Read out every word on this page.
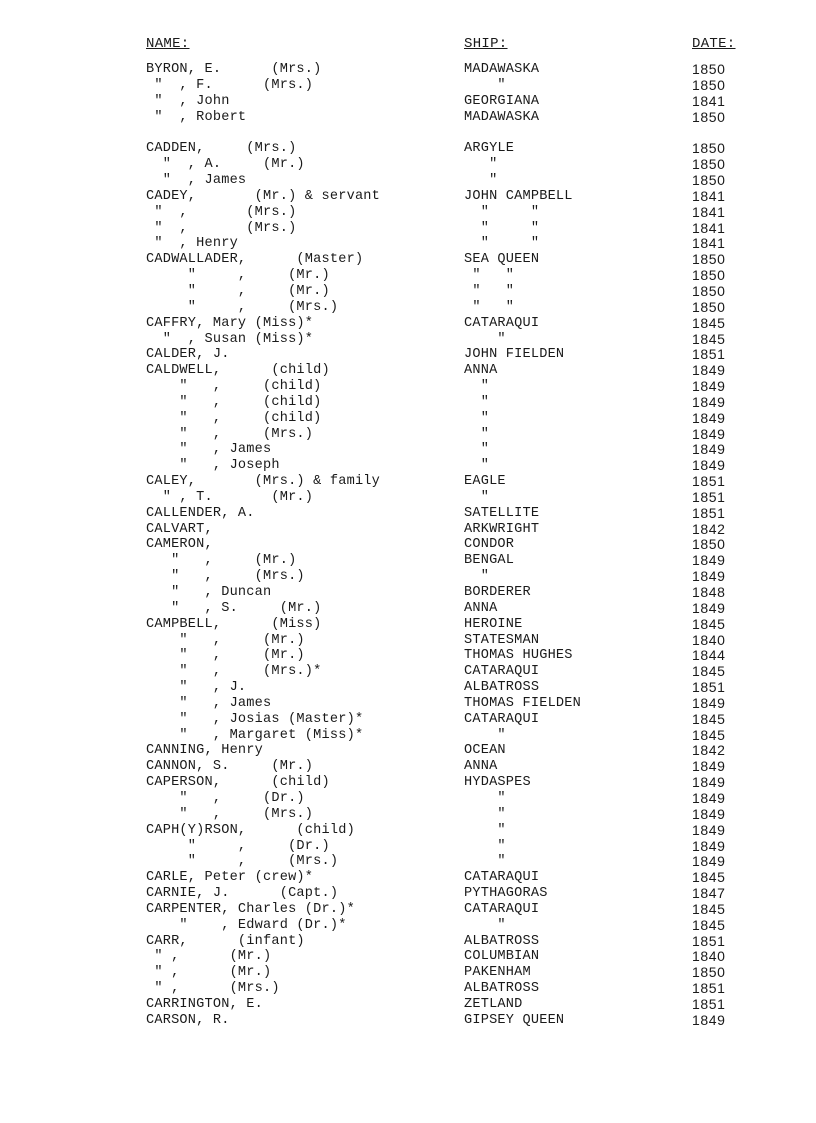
NAME:	SHIP:	DATE:
BYRON, E.      (Mrs.)	MADAWASKA	1850
"  , F.      (Mrs.)	"	1850
"  , John	GEORGIANA	1841
"  , Robert	MADAWASKA	1850
CADDEN,     (Mrs.)	ARGYLE	1850
"  , A.     (Mr.)	"	1850
"  , James	"	1850
CADEY,       (Mr.) & servant	JOHN CAMPBELL	1841
"  ,       (Mrs.)	"     "	1841
"  ,       (Mrs.)	"     "	1841
"  , Henry	"     "	1841
CADWALLADER,      (Master)	SEA QUEEN	1850
"     ,     (Mr.)	"   "	1850
"     ,     (Mr.)	"   "	1850
"     ,     (Mrs.)	"   "	1850
CAFFRY, Mary (Miss)*	CATARAQUI	1845
"  , Susan (Miss)*	"	1845
CALDER, J.	JOHN FIELDEN	1851
CALDWELL,      (child)	ANNA	1849
"   ,     (child)	"	1849
"   ,     (child)	"	1849
"   ,     (child)	"	1849
"   ,     (Mrs.)	"	1849
"   , James	"	1849
"   , Joseph	"	1849
CALEY,       (Mrs.) & family	EAGLE	1851
" , T.       (Mr.)	"	1851
CALLENDER, A.	SATELLITE	1851
CALVART,	ARKWRIGHT	1842
CAMERON,	CONDOR	1850
"   ,     (Mr.)	BENGAL	1849
"   ,     (Mrs.)	"	1849
"   , Duncan	BORDERER	1848
"   , S.     (Mr.)	ANNA	1849
CAMPBELL,      (Miss)	HEROINE	1845
"   ,     (Mr.)	STATESMAN	1840
"   ,     (Mr.)	THOMAS HUGHES	1844
"   ,     (Mrs.)*	CATARAQUI	1845
"   , J.	ALBATROSS	1851
"   , James	THOMAS FIELDEN	1849
"   , Josias (Master)*	CATARAQUI	1845
"   , Margaret (Miss)*	"	1845
CANNING, Henry	OCEAN	1842
CANNON, S.     (Mr.)	ANNA	1849
CAPERSON,      (child)	HYDASPES	1849
"   ,     (Dr.)	"	1849
"   ,     (Mrs.)	"	1849
CAPH(Y)RSON,      (child)	"	1849
"     ,     (Dr.)	"	1849
"     ,     (Mrs.)	"	1849
CARLE, Peter (crew)*	CATARAQUI	1845
CARNIE, J.      (Capt.)	PYTHAGORAS	1847
CARPENTER, Charles (Dr.)*	CATARAQUI	1845
"    , Edward (Dr.)*	"	1845
CARR,      (infant)	ALBATROSS	1851
" ,      (Mr.)	COLUMBIAN	1840
" ,      (Mr.)	PAKENHAM	1850
" ,      (Mrs.)	ALBATROSS	1851
CARRINGTON, E.	ZETLAND	1851
CARSON, R.	GIPSEY QUEEN	1849
